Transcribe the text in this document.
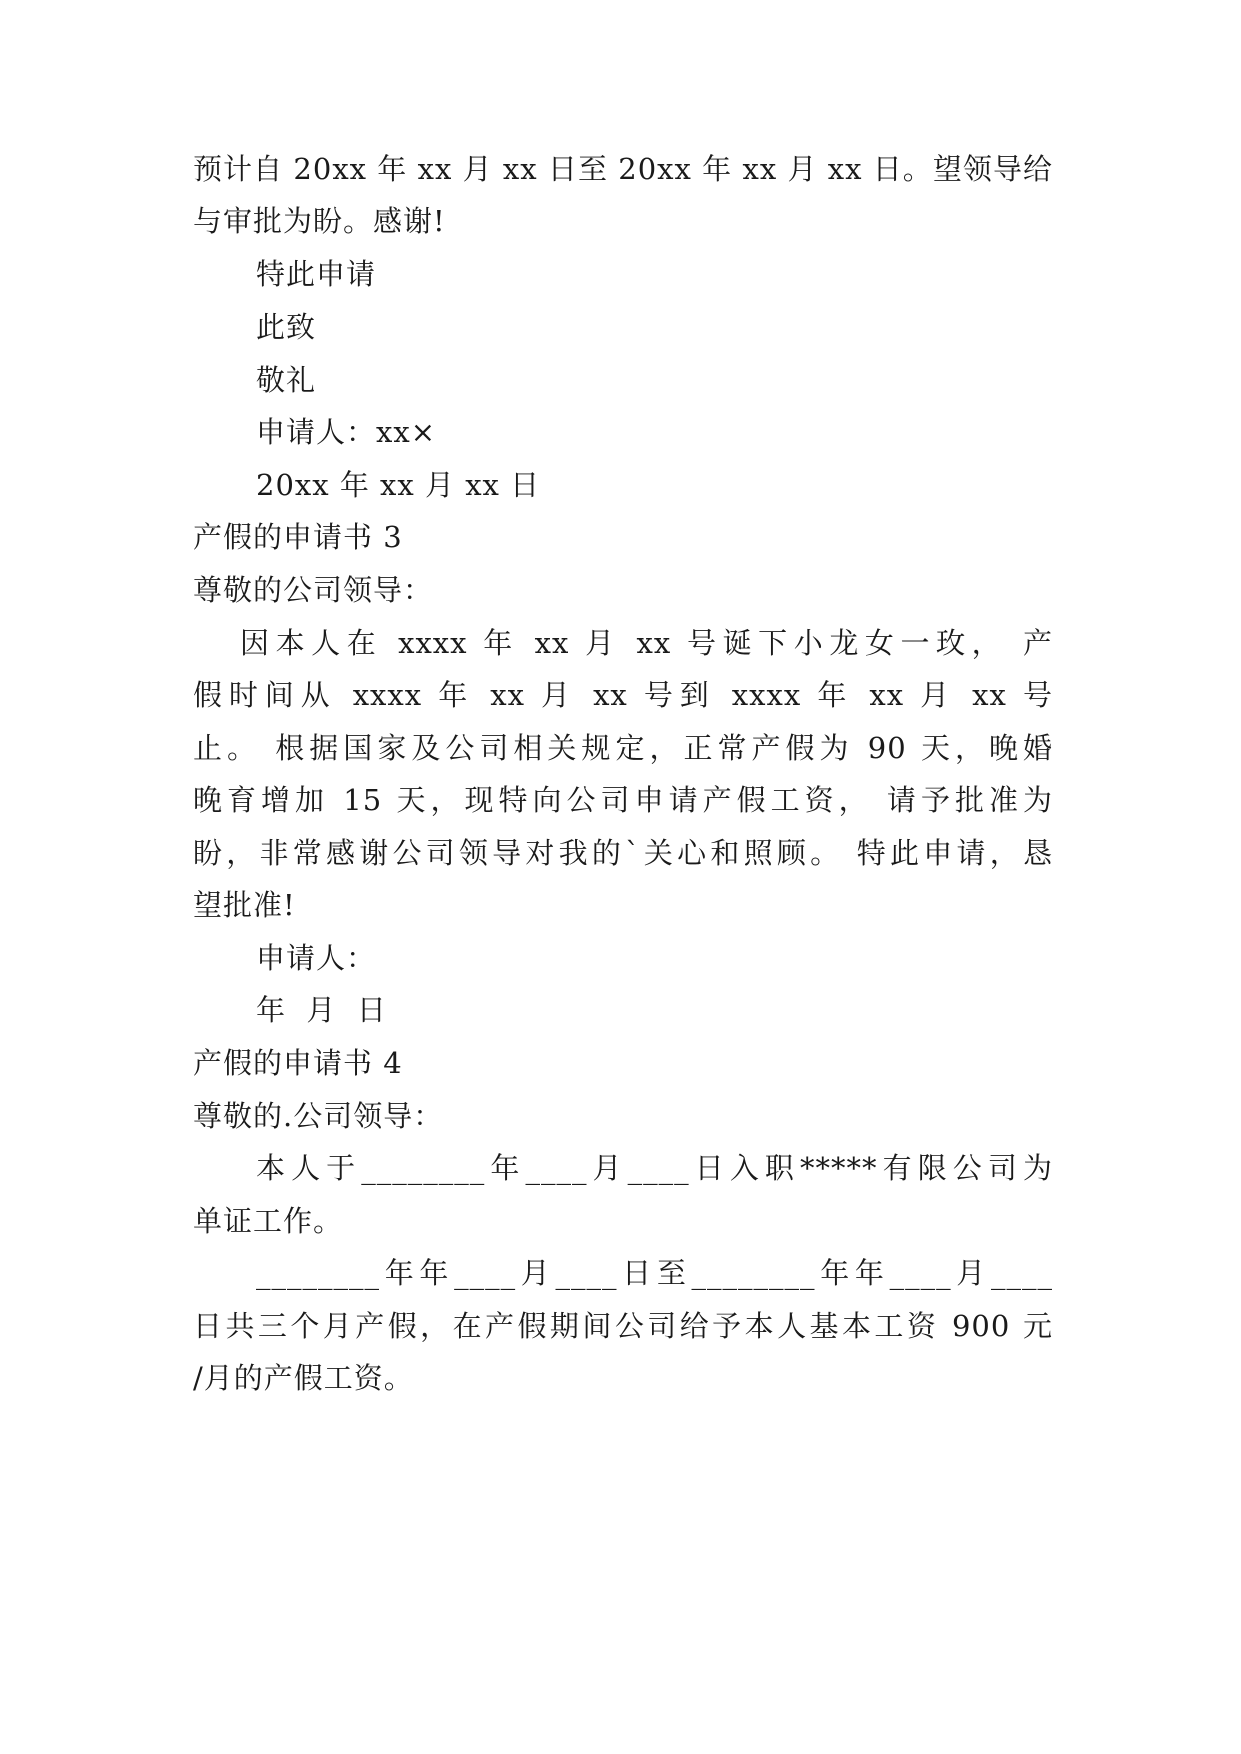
预计自 20xx 年 xx 月 xx 日至 20xx 年 xx 月 xx 日。望领导给
与审批为盼。感谢!
特此申请
此致
敬礼
申请人：xx×
20xx 年 xx 月 xx 日
产假的申请书 3
尊敬的公司领导：
因本人在 xxxx 年 xx 月 xx 号诞下小龙女一玫， 产
假时间从 xxxx 年 xx 月 xx 号到 xxxx 年 xx 月 xx 号
止。 根据国家及公司相关规定，正常产假为 90 天，晚婚
晚育增加 15 天，现特向公司申请产假工资， 请予批准为
盼，非常感谢公司领导对我的`关心和照顾。 特此申请，恳
望批准!
申请人：
年  月  日
产假的申请书 4
尊敬的.公司领导：
本人于________年____月____日入职*****有限公司为
单证工作。
________年年____月____日至________年年____月____
日共三个月产假，在产假期间公司给予本人基本工资 900 元
/月的产假工资。
